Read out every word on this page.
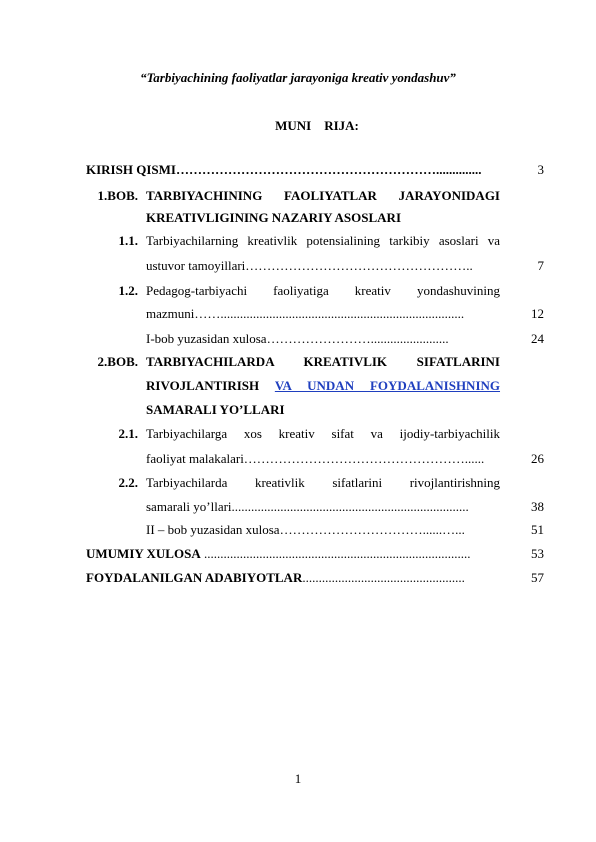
“Tarbiyachining faoliyatlar jarayoniga kreativ yondashuv”
MUNI    RIJA:
KIRISH QISMI……………………………………………………..............	3
1.BOB. TARBIYACHINING FAOLIYATLAR JARAYONIDAGI
KREATIVLIGINING NAZARIY ASOSLARI
1.1. Tarbiyachilarning kreativlik potensialining tarkibiy asoslari va
ustuvor tamoyillari……………………………………………..	7
1.2. Pedagog-tarbiyachi faoliyatiga kreativ yondashuvining
mazmuni……...........................................................................	12
I-bob yuzasidan xulosa……………………........................	24
2.BOB. TARBIYACHILARDA KREATIVLIK SIFATLARINI
RIVOJLANTIRISH VA UNDAN FOYDALANISHNING
SAMARALI YO’LLARI
2.1. Tarbiyachilarga xos kreativ sifat va ijodiy-tarbiyachilik
faoliyat malakalari……………………………………………......	26
2.2. Tarbiyachilarda kreativlik sifatlarini rivojlantirishning
samarali yo’llari.........................................................................	38
II – bob yuzasidan xulosa……………………………......…...	51
UMUMIY XULOSA ..................................................................................	53
FOYDALANILGAN ADABIYOTLAR..................................................	57
1
